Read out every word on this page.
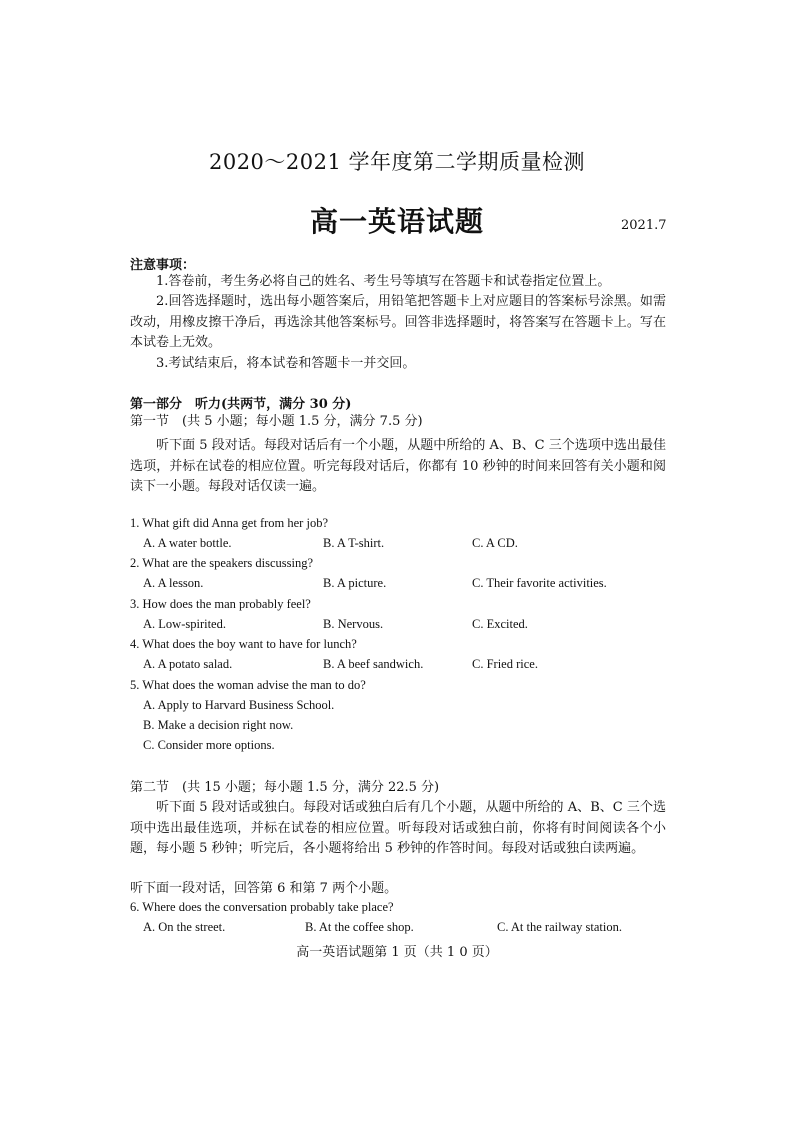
2020～2021 学年度第二学期质量检测
高一英语试题	2021.7
注意事项：
1.答卷前，考生务必将自己的姓名、考生号等填写在答题卡和试卷指定位置上。
2.回答选择题时，选出每小题答案后，用铅笔把答题卡上对应题目的答案标号涂黑。如需改动，用橡皮擦干净后，再选涂其他答案标号。回答非选择题时，将答案写在答题卡上。写在本试卷上无效。
3.考试结束后，将本试卷和答题卡一并交回。
第一部分　听力(共两节，满分 30 分)
第一节　(共 5 小题；每小题 1.5 分，满分 7.5 分)
听下面 5 段对话。每段对话后有一个小题，从题中所给的 A、B、C 三个选项中选出最佳选项，并标在试卷的相应位置。听完每段对话后，你都有 10 秒钟的时间来回答有关小题和阅读下一小题。每段对话仅读一遍。
1. What gift did Anna get from her job?
A. A water bottle.	B. A T-shirt.	C. A CD.
2. What are the speakers discussing?
A. A lesson.	B. A picture.	C. Their favorite activities.
3. How does the man probably feel?
A. Low-spirited.	B. Nervous.	C. Excited.
4. What does the boy want to have for lunch?
A. A potato salad.	B. A beef sandwich.	C. Fried rice.
5. What does the woman advise the man to do?
A. Apply to Harvard Business School.
B. Make a decision right now.
C. Consider more options.
第二节　(共 15 小题；每小题 1.5 分，满分 22.5 分)
听下面 5 段对话或独白。每段对话或独白后有几个小题，从题中所给的 A、B、C 三个选项中选出最佳选项，并标在试卷的相应位置。听每段对话或独白前，你将有时间阅读各个小题，每小题 5 秒钟；听完后，各小题将给出 5 秒钟的作答时间。每段对话或独白读两遍。
听下面一段对话，回答第 6 和第 7 两个小题。
6. Where does the conversation probably take place?
A. On the street.	B. At the coffee shop.	C. At the railway station.
高一英语试题第 1 页（共 1 0 页）
